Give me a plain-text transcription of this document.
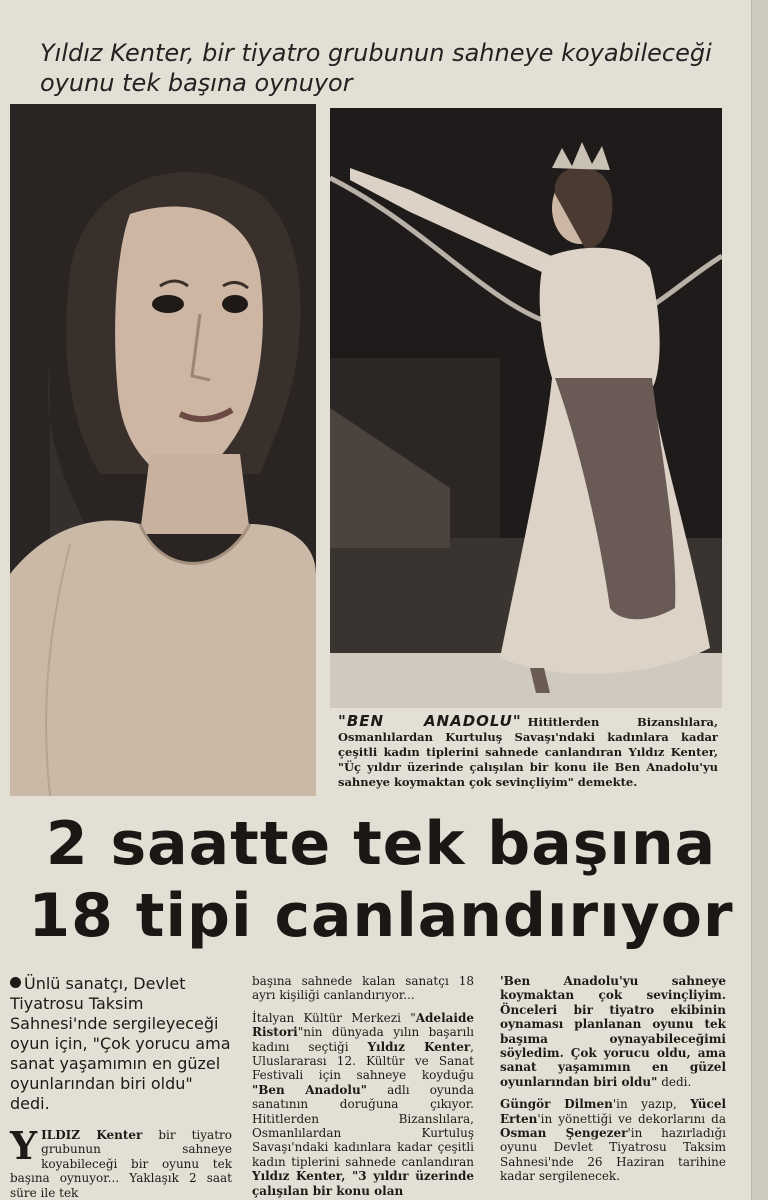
Yıldız Kenter, bir tiyatro grubunun sahneye koyabileceği oyunu tek başına oynuyor
"BEN ANADOLU" Hititlerden Bizanslılara, Osmanlılardan Kurtuluş Savaşı'ndaki kadınlara kadar çeşitli kadın tiplerini sahnede canlandıran Yıldız Kenter, "Üç yıldır üzerinde çalışılan bir konu ile Ben Anadolu'yu sahneye koymaktan çok sevinçliyim" demekte.
2 saatte tek başına
18 tipi canlandırıyor
Ünlü sanatçı, Devlet Tiyatrosu Taksim Sahnesi'nde sergileyeceği oyun için, "Çok yorucu ama sanat yaşamımın en güzel oyunlarından biri oldu" dedi.
YILDIZ Kenter bir tiyatro grubunun sahneye koyabileceği bir oyunu tek başına oynuyor... Yaklaşık 2 saat süre ile tek
başına sahnede kalan sanatçı 18 ayrı kişiliği canlandırıyor...
İtalyan Kültür Merkezi "Adelaide Ristori"nin dünyada yılın başarılı kadını seçtiği Yıldız Kenter, Uluslararası 12. Kültür ve Sanat Festivali için sahneye koyduğu "Ben Anadolu" adlı oyunda sanatının doruğuna çıkıyor. Hititlerden Bizanslılara, Osmanlılardan Kurtuluş Savaşı'ndaki kadınlara kadar çeşitli kadın tiplerini sahnede canlandıran Yıldız Kenter, "3 yıldır üzerinde çalışılan bir konu olan
'Ben Anadolu'yu sahneye koymaktan çok sevinçliyim. Önceleri bir tiyatro ekibinin oynaması planlanan oyunu tek başıma oynayabileceğimi söyledim. Çok yorucu oldu, ama sanat yaşamımın en güzel oyunlarından biri oldu" dedi.
Güngör Dilmen'in yazıp, Yücel Erten'in yönettiği ve dekorlarını da Osman Şengezer'in hazırladığı oyunu Devlet Tiyatrosu Taksim Sahnesi'nde 26 Haziran tarihine kadar sergilenecek.
